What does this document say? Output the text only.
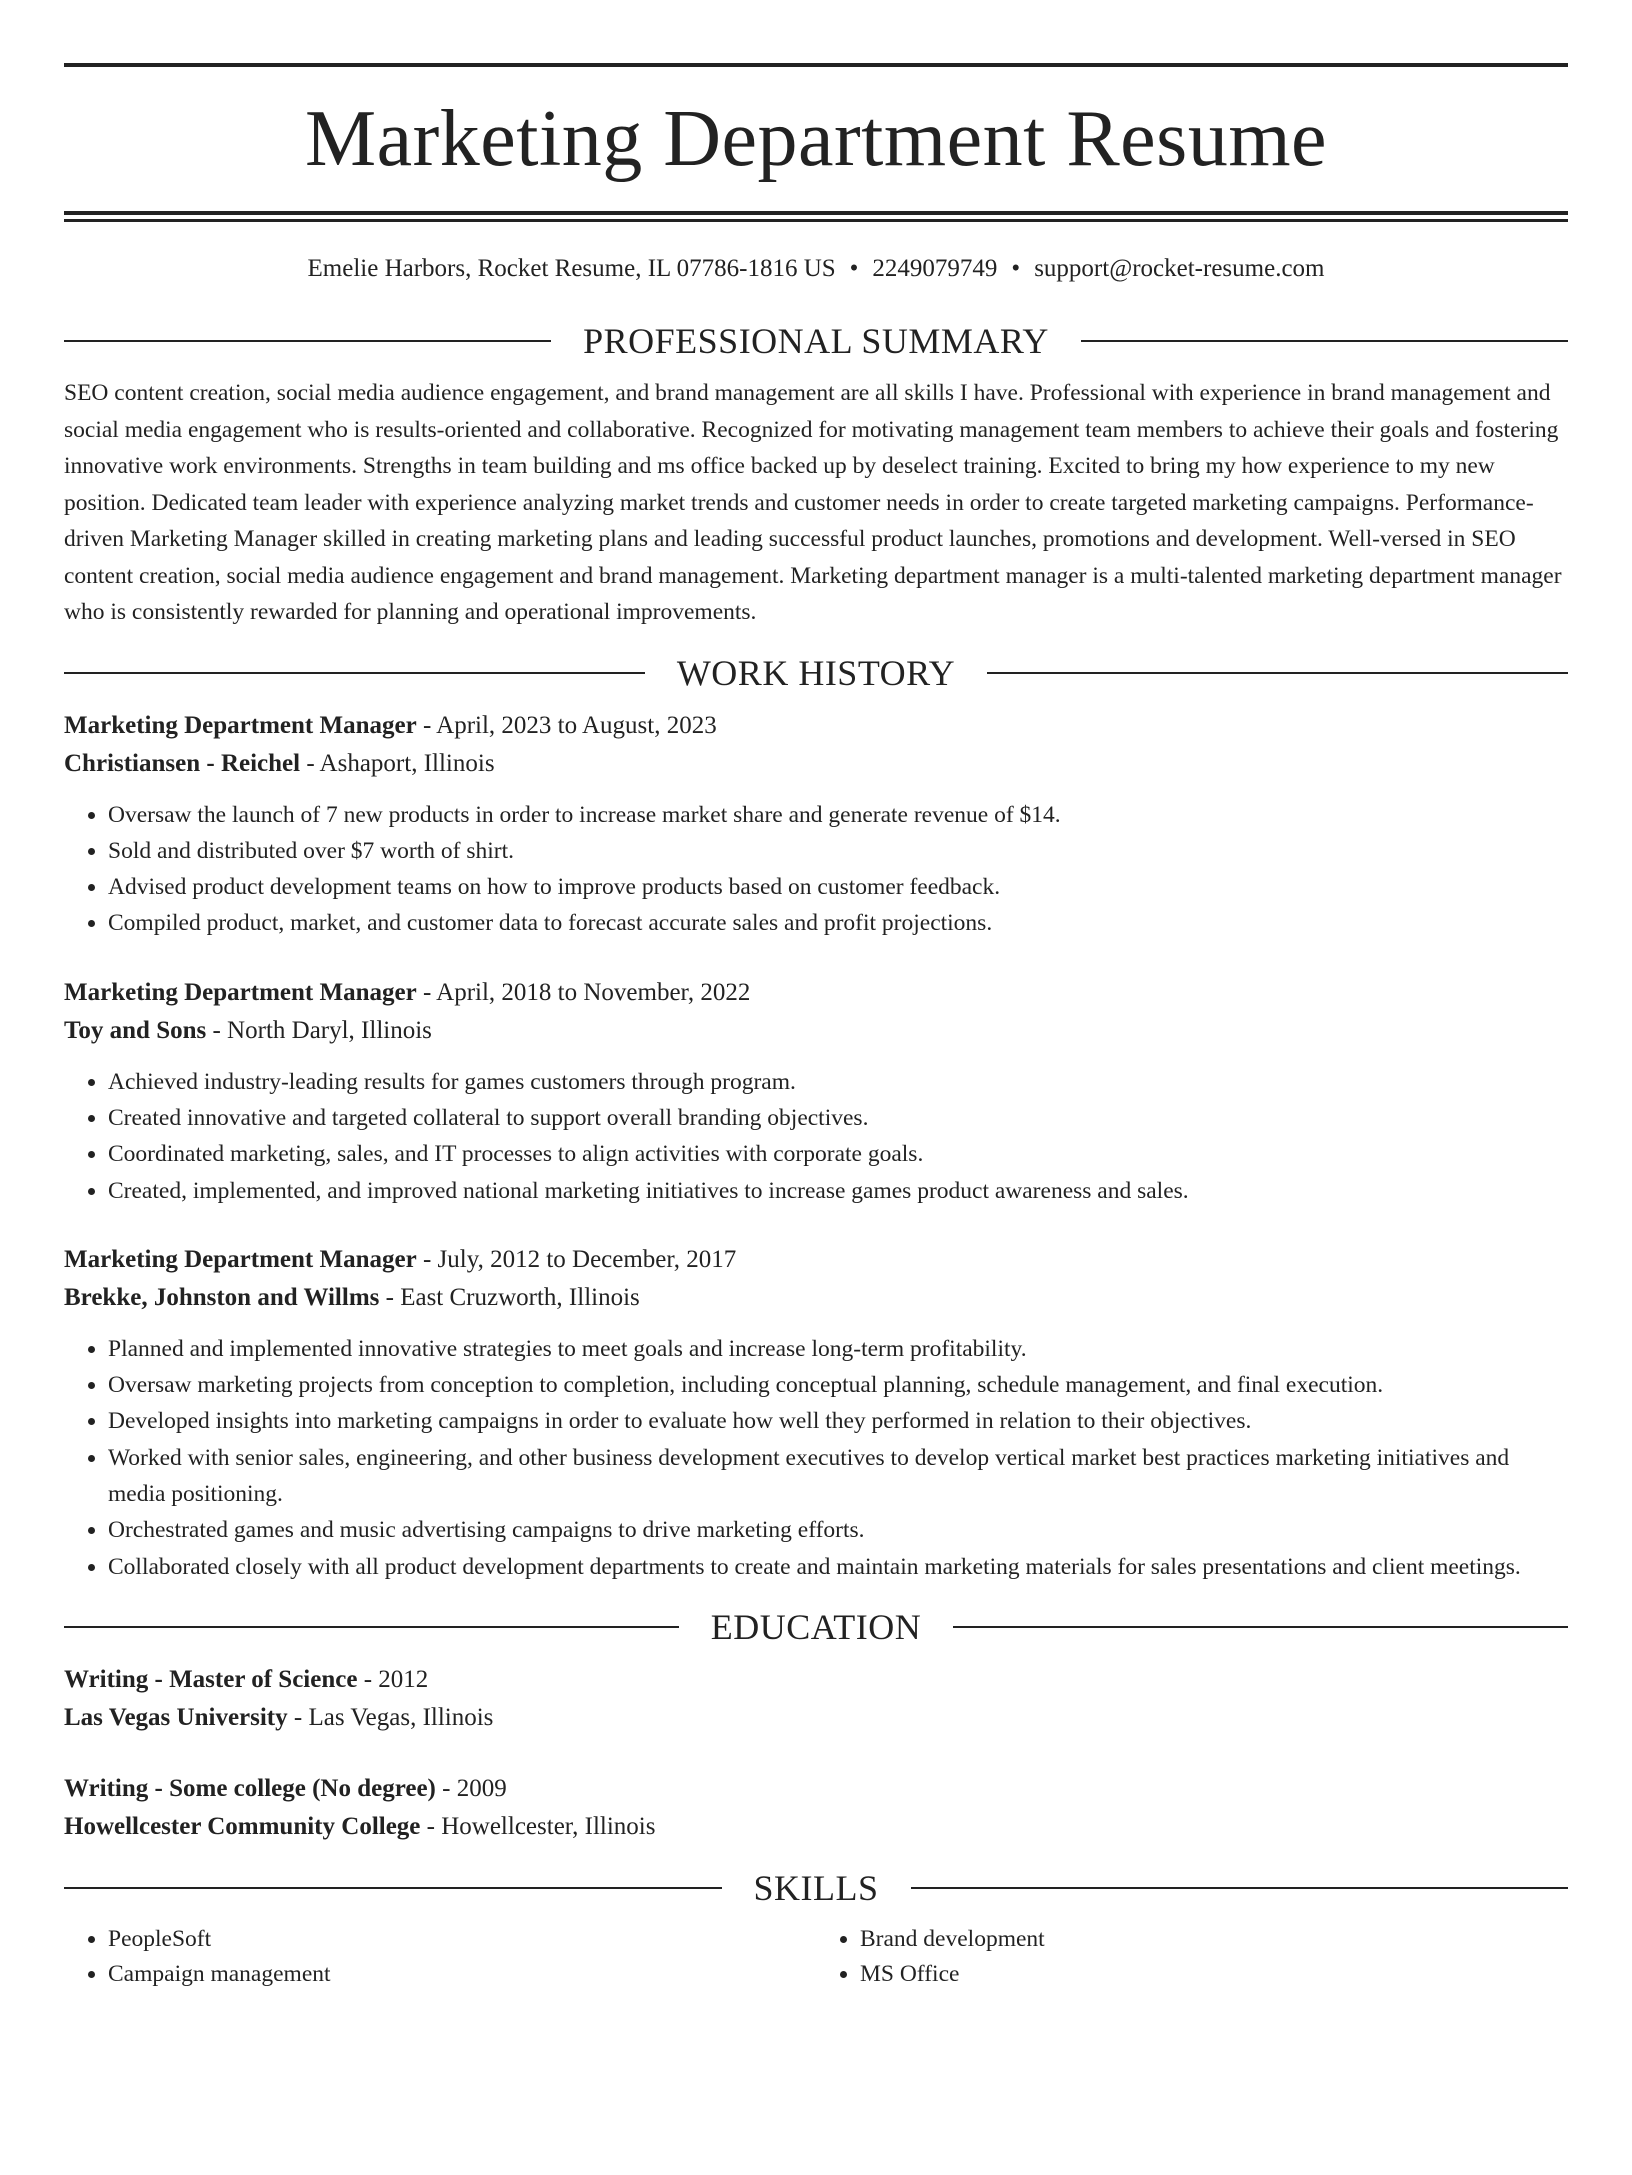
Marketing Department Resume
Emelie Harbors, Rocket Resume, IL 07786-1816 US • 2249079749 • support@rocket-resume.com
PROFESSIONAL SUMMARY

SEO content creation, social media audience engagement, and brand management are all skills I have. Professional with experience in brand management and social media engagement who is results-oriented and collaborative. Recognized for motivating management team members to achieve their goals and fostering innovative work environments. Strengths in team building and ms office backed up by deselect training. Excited to bring my how experience to my new position. Dedicated team leader with experience analyzing market trends and customer needs in order to create targeted marketing campaigns. Performance-driven Marketing Manager skilled in creating marketing plans and leading successful product launches, promotions and development. Well-versed in SEO content creation, social media audience engagement and brand management. Marketing department manager is a multi-talented marketing department manager who is consistently rewarded for planning and operational improvements.

WORK HISTORY
Marketing Department Manager - April, 2023 to August, 2023
Christiansen - Reichel - Ashaport, Illinois
• Oversaw the launch of 7 new products in order to increase market share and generate revenue of $14.
• Sold and distributed over $7 worth of shirt.
• Advised product development teams on how to improve products based on customer feedback.
• Compiled product, market, and customer data to forecast accurate sales and profit projections.
Marketing Department Manager - April, 2018 to November, 2022
Toy and Sons - North Daryl, Illinois
• Achieved industry-leading results for games customers through program.
• Created innovative and targeted collateral to support overall branding objectives.
• Coordinated marketing, sales, and IT processes to align activities with corporate goals.
• Created, implemented, and improved national marketing initiatives to increase games product awareness and sales.
Marketing Department Manager - July, 2012 to December, 2017
Brekke, Johnston and Willms - East Cruzworth, Illinois
• Planned and implemented innovative strategies to meet goals and increase long-term profitability.
• Oversaw marketing projects from conception to completion, including conceptual planning, schedule management, and final execution.
• Developed insights into marketing campaigns in order to evaluate how well they performed in relation to their objectives.
• Worked with senior sales, engineering, and other business development executives to develop vertical market best practices marketing initiatives and media positioning.
• Orchestrated games and music advertising campaigns to drive marketing efforts.
• Collaborated closely with all product development departments to create and maintain marketing materials for sales presentations and client meetings.
EDUCATION
Writing - Master of Science - 2012
Las Vegas University - Las Vegas, Illinois
Writing - Some college (No degree) - 2009
Howellcester Community College - Howellcester, Illinois
SKILLS
• PeopleSoft
• Campaign management
• Brand development
• MS Office
